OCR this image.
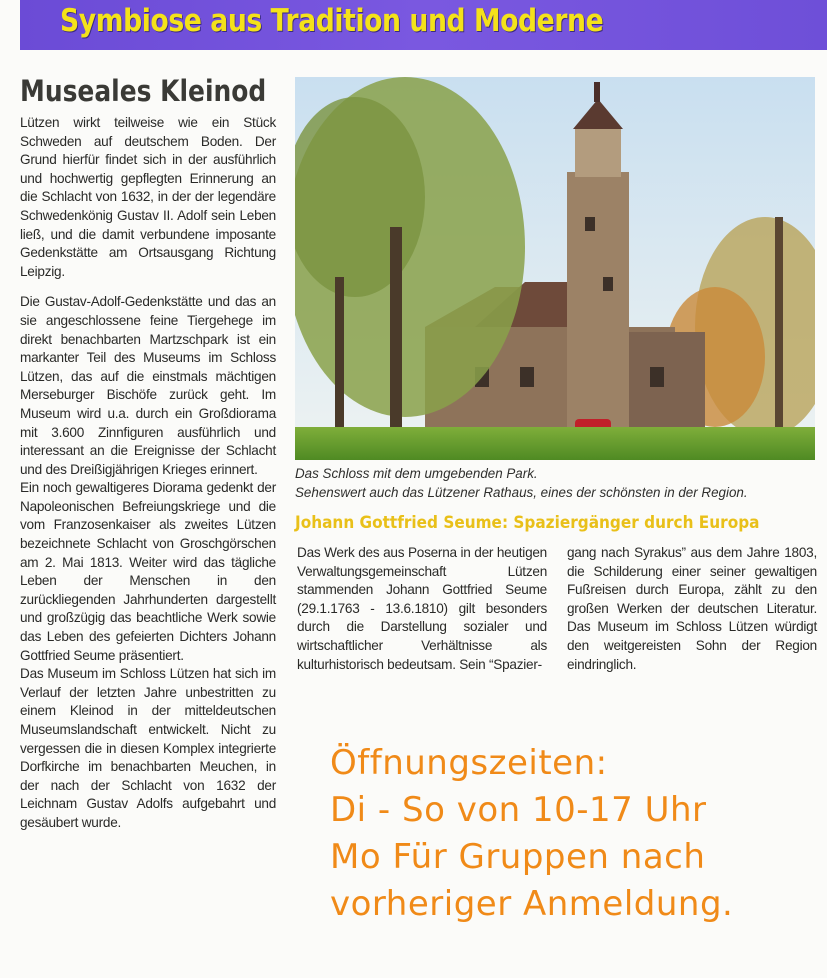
Symbiose aus Tradition und Moderne
Museales Kleinod

Lützen wirkt teilweise wie ein Stück Schweden auf deutschem Boden. Der Grund hierfür findet sich in der ausführlich und hochwertig gepflegten Erinnerung an die Schlacht von 1632, in der der legendäre Schwedenkönig Gustav II. Adolf sein Leben ließ, und die damit verbundene imposante Gedenkstätte am Ortsausgang Richtung Leipzig.

Die Gustav-Adolf-Gedenkstätte und das an sie angeschlossene feine Tiergehege im direkt benachbarten Martzschpark ist ein markanter Teil des Museums im Schloss Lützen, das auf die einstmals mächtigen Merseburger Bischöfe zurück geht. Im Museum wird u.a. durch ein Großdiorama mit 3.600 Zinnfiguren ausführlich und interessant an die Ereignisse der Schlacht und des Dreißigjährigen Krieges erinnert.

Ein noch gewaltigeres Diorama gedenkt der Napoleonischen Befreiungskriege und die vom Franzosenkaiser als zweites Lützen bezeichnete Schlacht von Groschgörschen am 2. Mai 1813. Weiter wird das tägliche Leben der Menschen in den zurückliegenden Jahrhunderten dargestellt und großzügig das beachtliche Werk sowie das Leben des gefeierten Dichters Johann Gottfried Seume präsentiert.

Das Museum im Schloss Lützen hat sich im Verlauf der letzten Jahre unbestritten zu einem Kleinod in der mitteldeutschen Museumslandschaft entwickelt. Nicht zu vergessen die in diesen Komplex integrierte Dorfkirche im benachbarten Meuchen, in der nach der Schlacht von 1632 der Leichnam Gustav Adolfs aufgebahrt und gesäubert wurde.

Das Schloss mit dem umgebenden Park.
Sehenswert auch das Lützener Rathaus, eines der schönsten in der Region.
Johann Gottfried Seume: Spaziergänger durch Europa

Das Werk des aus Poserna in der heutigen Verwaltungsgemeinschaft Lützen stammenden Johann Gottfried Seume (29.1.1763 - 13.6.1810) gilt besonders durch die Darstellung sozialer und wirtschaftlicher Verhältnisse als kulturhistorisch bedeutsam. Sein “Spazier-

gang nach Syrakus” aus dem Jahre 1803, die Schilderung einer seiner gewaltigen Fußreisen durch Europa, zählt zu den großen Werken der deutschen Literatur. Das Museum im Schloss Lützen würdigt den weitgereisten Sohn der Region eindringlich.

Öffnungszeiten:
Di - So von 10-17 Uhr
Mo Für Gruppen nach
vorheriger Anmeldung.
